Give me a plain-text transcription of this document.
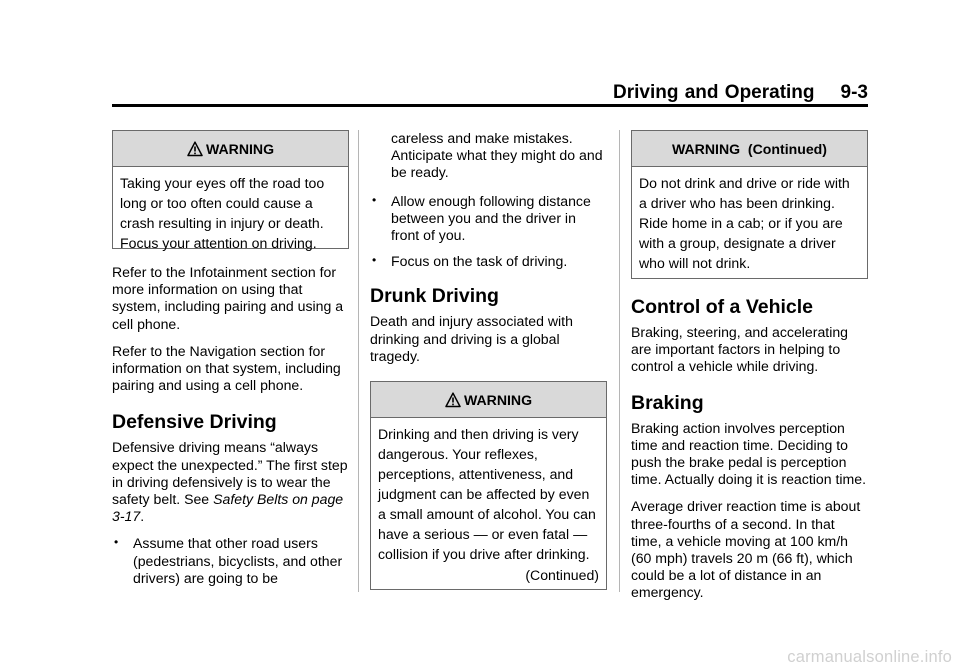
Driving and Operating 9-3
WARNING
Taking your eyes off the road too long or too often could cause a crash resulting in injury or death. Focus your attention on driving.

Refer to the Infotainment section for more information on using that system, including pairing and using a cell phone.

Refer to the Navigation section for information on that system, including pairing and using a cell phone.

Defensive Driving

Defensive driving means “always expect the unexpected.” The first step in driving defensively is to wear the safety belt. See Safety Belts on page 3-17.

• Assume that other road users (pedestrians, bicyclists, and other drivers) are going to be
careless and make mistakes. Anticipate what they might do and be ready.
• Allow enough following distance between you and the driver in front of you.
• Focus on the task of driving.
Drunk Driving

Death and injury associated with drinking and driving is a global tragedy.

WARNING
Drinking and then driving is very dangerous. Your reflexes, perceptions, attentiveness, and judgment can be affected by even a small amount of alcohol. You can have a serious — or even fatal — collision if you drive after drinking.
(Continued)
WARNING  (Continued)
Do not drink and drive or ride with a driver who has been drinking. Ride home in a cab; or if you are with a group, designate a driver who will not drink.
Control of a Vehicle

Braking, steering, and accelerating are important factors in helping to control a vehicle while driving.

Braking

Braking action involves perception time and reaction time. Deciding to push the brake pedal is perception time. Actually doing it is reaction time.

Average driver reaction time is about three-fourths of a second. In that time, a vehicle moving at 100 km/h (60 mph) travels 20 m (66 ft), which could be a lot of distance in an emergency.

carmanualsonline.info
